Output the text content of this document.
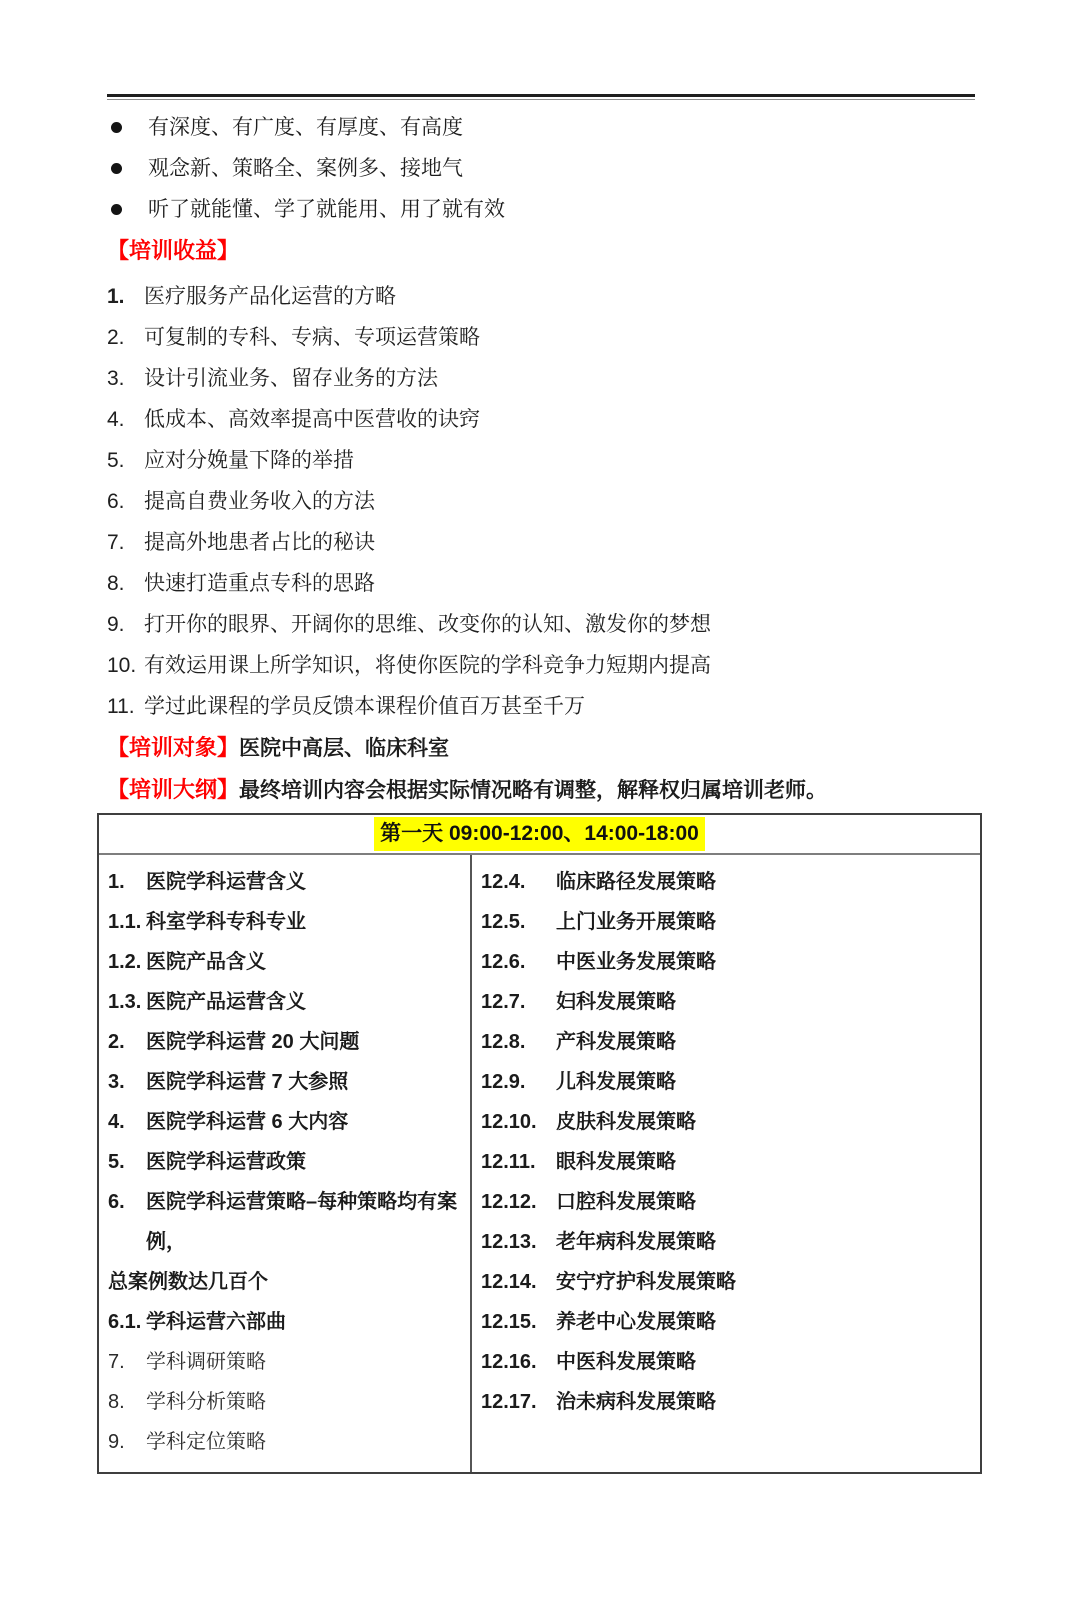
有深度、有广度、有厚度、有高度
观念新、策略全、案例多、接地气
听了就能懂、学了就能用、用了就有效
【培训收益】
1. 医疗服务产品化运营的方略
2. 可复制的专科、专病、专项运营策略
3. 设计引流业务、留存业务的方法
4. 低成本、高效率提高中医营收的诀窍
5. 应对分娩量下降的举措
6. 提高自费业务收入的方法
7. 提高外地患者占比的秘诀
8. 快速打造重点专科的思路
9. 打开你的眼界、开阔你的思维、改变你的认知、激发你的梦想
10. 有效运用课上所学知识，将使你医院的学科竞争力短期内提高
11. 学过此课程的学员反馈本课程价值百万甚至千万
【培训对象】医院中高层、临床科室
【培训大纲】最终培训内容会根据实际情况略有调整，解释权归属培训老师。
第一天 09:00-12:00、14:00-18:00
1.	医院学科运营含义
1.1. 科室学科专科专业
1.2. 医院产品含义
1.3. 医院产品运营含义
2.	医院学科运营 20 大问题
3.	医院学科运营 7 大参照
4.	医院学科运营 6 大内容
5.	医院学科运营政策
6.	医院学科运营策略–每种策略均有案例，
总案例数达几百个
6.1. 学科运营六部曲
7.	学科调研策略
8.	学科分析策略
9.	学科定位策略
12.4.	临床路径发展策略
12.5.	上门业务开展策略
12.6.	中医业务发展策略
12.7.	妇科发展策略
12.8.	产科发展策略
12.9.	儿科发展策略
12.10. 皮肤科发展策略
12.11.	眼科发展策略
12.12. 口腔科发展策略
12.13. 老年病科发展策略
12.14. 安宁疗护科发展策略
12.15. 养老中心发展策略
12.16. 中医科发展策略
12.17. 治未病科发展策略
